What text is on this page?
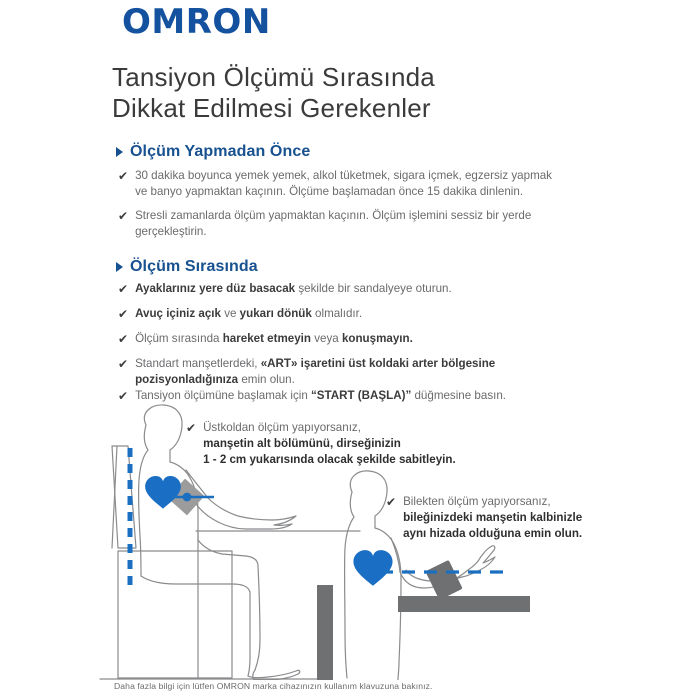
OMRON
Tansiyon Ölçümü Sırasında
Dikkat Edilmesi Gerekenler
Ölçüm Yapmadan Önce
✔ 30 dakika boyunca yemek yemek, alkol tüketmek, sigara içmek, egzersiz yapmak
ve banyo yapmaktan kaçının. Ölçüme başlamadan önce 15 dakika dinlenin.
✔ Stresli zamanlarda ölçüm yapmaktan kaçının. Ölçüm işlemini sessiz bir yerde
gerçekleştirin.
Ölçüm Sırasında
✔ Ayaklarınız yere düz basacak şekilde bir sandalyeye oturun.
✔ Avuç içiniz açık ve yukarı dönük olmalıdır.
✔ Ölçüm sırasında hareket etmeyin veya konuşmayın.
✔ Standart manşetlerdeki, «ART» işaretini üst koldaki arter bölgesine
pozisyonladığınıza emin olun.
✔ Tansiyon ölçümüne başlamak için “START (BAŞLA)” düğmesine basın.
✔ Üstkoldan ölçüm yapıyorsanız,
manşetin alt bölümünü, dirseğinizin
1 - 2 cm yukarısında olacak şekilde sabitleyin.
✔ Bilekten ölçüm yapıyorsanız,
bileğinizdeki manşetin kalbinizle
aynı hizada olduğuna emin olun.
Daha fazla bilgi için lütfen OMRON marka cihazınızın kullanım klavuzuna bakınız.
